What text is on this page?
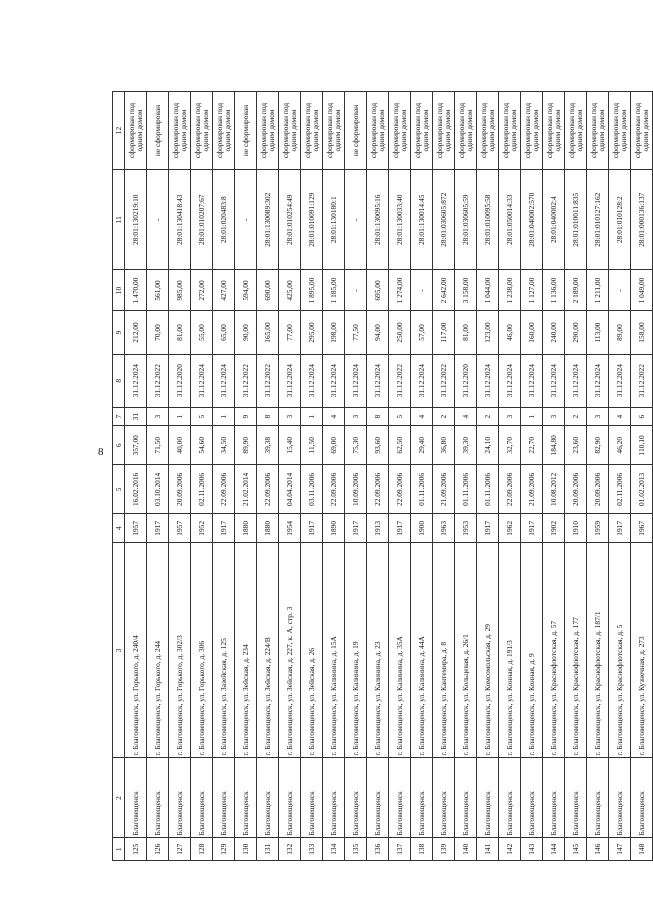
8
1	2	3	4	5	6	7	8	9	10	11	12
125	Благовещенск	г. Благовещенск, ул. Горького, д. 240/4	1957	16.02.2016	357,00	31	31.12.2024	212,00	1 470,00	28:01:130219:10	сформирован под одним домом
126	Благовещенск	г. Благовещенск, ул. Горького, д. 244	1917	03.10.2014	71,50	3	31.12.2022	70,00	561,00	-	не сформирован
127	Благовещенск	г. Благовещенск, ул. Горького, д. 302/3	1957	20.09.2006	40,00	1	31.12.2020	81,00	985,00	28:01:130418:43	сформирован под одним домом
128	Благовещенск	г. Благовещенск, ул. Горького, д. 306	1952	02.11.2006	54,60	5	31.12.2024	55,00	272,00	28:01:010207:67	сформирован под одним домом
129	Благовещенск	г. Благовещенск, ул. Зазейская, д. 125	1917	22.09.2006	34,50	1	31.12.2024	65,00	427,00	28:01:020483:8	сформирован под одним домом
130	Благовещенск	г. Благовещенск, ул. Зейская, д. 234	1880	21.02.2014	89,90	9	31.12.2022	90,00	594,00	-	не сформирован
131	Благовещенск	г. Благовещенск, ул. Зейская, д. 224/В	1880	22.09.2006	39,38	8	31.12.2022	165,00	690,00	28:01:130089:302	сформирован под одним домом
132	Благовещенск	г. Благовещенск, ул. Зейская, д. 227, к. А, стр. 3	1954	04.04.2014	15,40	3	31.12.2024	77,00	425,00	28:01:010254:49	сформирован под одним домом
133	Благовещенск	г. Благовещенск, ул. Зейская, д. 26	1917	03.11.2006	11,50	1	31.12.2024	295,00	1 895,00	28:01:010091:129	сформирован под одним домом
134	Благовещенск	г. Благовещенск, ул. Калинина, д. 15А	1890	22.09.2006	69,00	4	31.12.2024	198,00	1 185,00	28:01:130180:1	сформирован под одним домом
135	Благовещенск	г. Благовещенск, ул. Калинина, д. 19	1917	10.09.2006	75,30	3	31.12.2024	77,50	-	-	не сформирован
136	Благовещенск	г. Благовещенск, ул. Калинина, д. 23	1913	22.09.2006	93,60	8	31.12.2024	94,00	695,00	28:01:130095:16	сформирован под одним домом
137	Благовещенск	г. Благовещенск, ул. Калинина, д. 35А	1917	22.09.2006	62,50	5	31.12.2022	250,00	1 274,00	28:01:130033:40	сформирован под одним домом
138	Благовещенск	г. Благовещенск, ул. Калинина, д. 44А	1900	01.11.2006	29,40	4	31.12.2024	57,00	-	28:01:130014:45	сформирован под одним домом
139	Благовещенск	г. Благовещенск, ул. Кантемира, д. 8	1963	21.09.2006	36,80	2	31.12.2022	117,00	2 642,00	28:01:030605:872	сформирован под одним домом
140	Благовещенск	г. Благовещенск, ул. Кольцевая, д. 26/1	1953	01.11.2006	39,30	4	31.12.2020	81,00	3 158,00	28:01:030605:59	сформирован под одним домом
141	Благовещенск	г. Благовещенск, ул. Комсомольская, д. 29	1917	01.11.2006	24,10	2	31.12.2024	123,00	1 044,00	28:01:010095:58	сформирован под одним домом
142	Благовещенск	г. Благовещенск, ул. Конная, д. 191/3	1962	22.09.2006	32,70	3	31.12.2024	46,00	1 238,00	28:01:050014:33	сформирован под одним домом
143	Благовещенск	г. Благовещенск, ул. Конная, д. 9	1917	21.09.2006	22,70	1	31.12.2024	160,00	1 127,00	28:01:040002:570	сформирован под одним домом
144	Благовещенск	г. Благовещенск, ул. Краснофлотская, д. 57	1902	10.08.2012	184,80	3	31.12.2024	240,00	1 136,00	28:01:040002:4	сформирован под одним домом
145	Благовещенск	г. Благовещенск, ул. Краснофлотская, д. 177	1910	20.09.2006	23,60	2	31.12.2024	290,00	2 189,00	28:01:010011:835	сформирован под одним домом
146	Благовещенск	г. Благовещенск, ул. Краснофлотская, д. 187/1	1959	20.09.2006	82,90	3	31.12.2024	113,00	1 211,00	28:01:010127:162	сформирован под одним домом
147	Благовещенск	г. Благовещенск, ул. Краснофлотская, д. 5	1917	02.11.2006	46,20	4	31.12.2024	89,00	-	28:01:010128:2	сформирован под одним домом
148	Благовещенск	г. Благовещенск, ул. Кузнечная, д. 273	1967	01.02.2013	110,10	6	31.12.2022	158,00	1 049,00	28:01:000136:137	сформирован под одним домом
